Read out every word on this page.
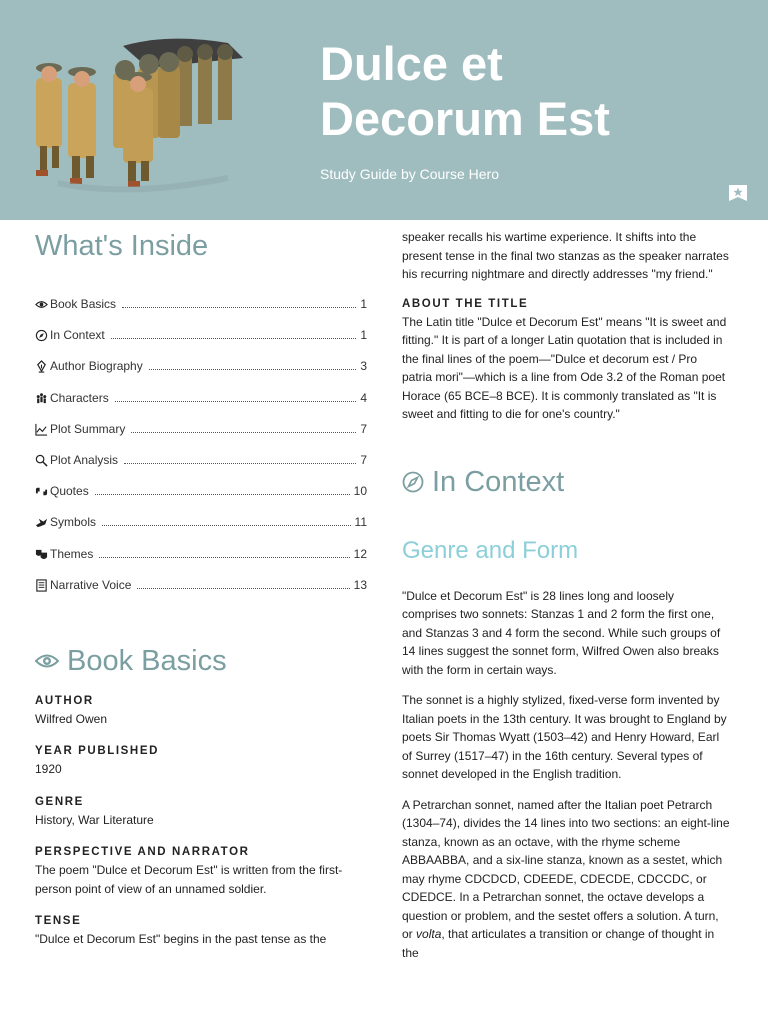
Dulce et
Decorum Est
Study Guide by Course Hero
What's Inside
Book Basics	1
In Context	1
Author Biography	3
Characters	4
Plot Summary	7
Plot Analysis	7
Quotes	10
Symbols	11
Themes	12
Narrative Voice	13
Book Basics

AUTHOR

Wilfred Owen

YEAR PUBLISHED

1920

GENRE

History, War Literature

PERSPECTIVE AND NARRATOR

The poem "Dulce et Decorum Est" is written from the first-person point of view of an unnamed soldier.

TENSE

"Dulce et Decorum Est" begins in the past tense as the

speaker recalls his wartime experience. It shifts into the present tense in the final two stanzas as the speaker narrates his recurring nightmare and directly addresses "my friend."

ABOUT THE TITLE

The Latin title "Dulce et Decorum Est" means "It is sweet and fitting." It is part of a longer Latin quotation that is included in the final lines of the poem—"Dulce et decorum est / Pro patria mori"—which is a line from Ode 3.2 of the Roman poet Horace (65 BCE–8 BCE). It is commonly translated as "It is sweet and fitting to die for one's country."

In Context
Genre and Form

"Dulce et Decorum Est" is 28 lines long and loosely comprises two sonnets: Stanzas 1 and 2 form the first one, and Stanzas 3 and 4 form the second. While such groups of 14 lines suggest the sonnet form, Wilfred Owen also breaks with the form in certain ways.

The sonnet is a highly stylized, fixed-verse form invented by Italian poets in the 13th century. It was brought to England by poets Sir Thomas Wyatt (1503–42) and Henry Howard, Earl of Surrey (1517–47) in the 16th century. Several types of sonnet developed in the English tradition.

A Petrarchan sonnet, named after the Italian poet Petrarch (1304–74), divides the 14 lines into two sections: an eight-line stanza, known as an octave, with the rhyme scheme ABBAABBA, and a six-line stanza, known as a sestet, which may rhyme CDCDCD, CDEEDE, CDECDE, CDCCDC, or CDEDCE. In a Petrarchan sonnet, the octave develops a question or problem, and the sestet offers a solution. A turn, or volta, that articulates a transition or change of thought in the
